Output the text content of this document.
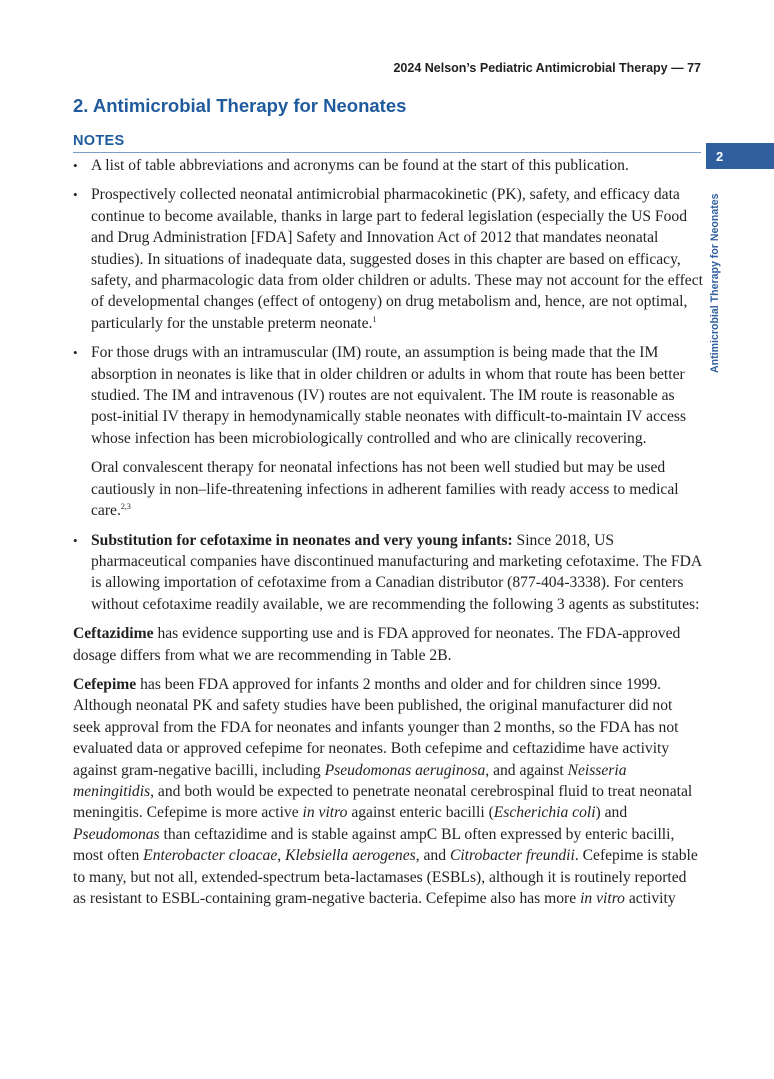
2024 Nelson’s Pediatric Antimicrobial Therapy — 77
2. Antimicrobial Therapy for Neonates
NOTES
2
Antimicrobial Therapy for Neonates
• A list of table abbreviations and acronyms can be found at the start of this publication.
• Prospectively collected neonatal antimicrobial pharmacokinetic (PK), safety, and efficacy data continue to become available, thanks in large part to federal legislation (especially the US Food and Drug Administration [FDA] Safety and Innovation Act of 2012 that mandates neonatal studies). In situations of inadequate data, suggested doses in this chapter are based on efficacy, safety, and pharmacologic data from older children or adults. These may not account for the effect of developmental changes (effect of ontogeny) on drug metabolism and, hence, are not optimal, particularly for the unstable preterm neonate.$^1$
• For those drugs with an intramuscular (IM) route, an assumption is being made that the IM absorption in neonates is like that in older children or adults in whom that route has been better studied. The IM and intravenous (IV) routes are not equivalent. The IM route is reasonable as post-initial IV therapy in hemodynamically stable neonates with difficult-to-maintain IV access whose infection has been microbiologically controlled and who are clinically recovering.
Oral convalescent therapy for neonatal infections has not been well studied but may be used cautiously in non–life-threatening infections in adherent families with ready access to medical care.$^{2,3}$
• Substitution for cefotaxime in neonates and very young infants: Since 2018, US pharmaceutical companies have discontinued manufacturing and marketing cefotaxime. The FDA is allowing importation of cefotaxime from a Canadian distributor (877-404-3338). For centers without cefotaxime readily available, we are recommending the following 3 agents as substitutes:
Ceftazidime has evidence supporting use and is FDA approved for neonates. The FDA-approved dosage differs from what we are recommending in Table 2B.
Cefepime has been FDA approved for infants 2 months and older and for children since 1999. Although neonatal PK and safety studies have been published, the original manufacturer did not seek approval from the FDA for neonates and infants younger than 2 months, so the FDA has not evaluated data or approved cefepime for neonates. Both cefepime and ceftazidime have activity against gram-negative bacilli, including Pseudomonas aeruginosa, and against Neisseria meningitidis, and both would be expected to penetrate neonatal cerebrospinal fluid to treat neonatal meningitis. Cefepime is more active in vitro against enteric bacilli (Escherichia coli) and Pseudomonas than ceftazidime and is stable against ampC BL often expressed by enteric bacilli, most often Enterobacter cloacae, Klebsiella aerogenes, and Citrobacter freundii. Cefepime is stable to many, but not all, extended-spectrum beta-lactamases (ESBLs), although it is routinely reported as resistant to ESBL-containing gram-negative bacteria. Cefepime also has more in vitro activity
